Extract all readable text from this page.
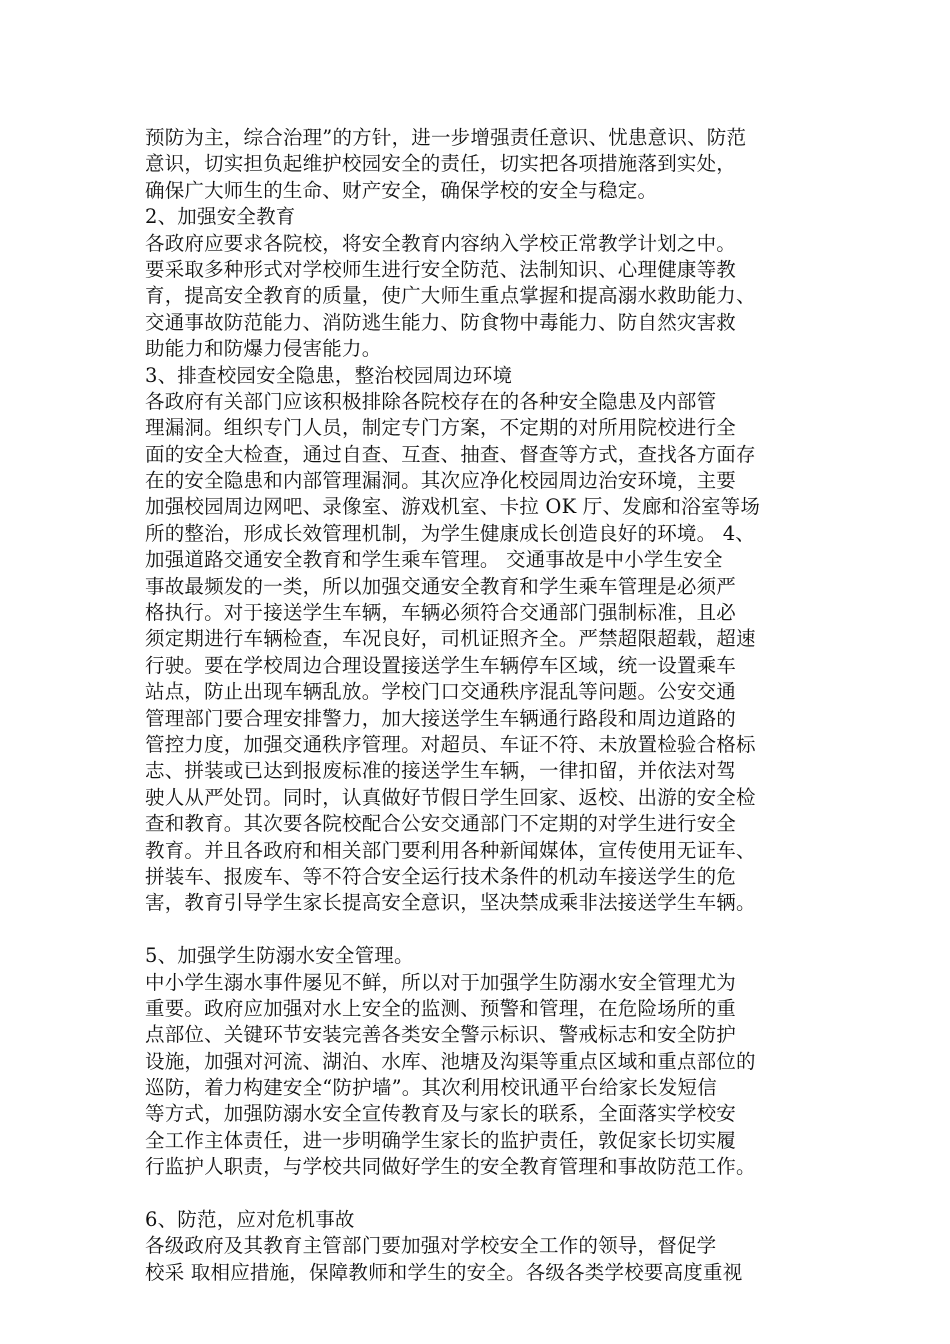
预防为主，综合治理”的方针，进一步增强责任意识、忧患意识、防范
意识，切实担负起维护校园安全的责任，切实把各项措施落到实处，
确保广大师生的生命、财产安全，确保学校的安全与稳定。
2、加强安全教育
各政府应要求各院校，将安全教育内容纳入学校正常教学计划之中。
要采取多种形式对学校师生进行安全防范、法制知识、心理健康等教
育，提高安全教育的质量，使广大师生重点掌握和提高溺水救助能力、
交通事故防范能力、消防逃生能力、防食物中毒能力、防自然灾害救
助能力和防爆力侵害能力。
3、排查校园安全隐患，整治校园周边环境
各政府有关部门应该积极排除各院校存在的各种安全隐患及内部管
理漏洞。组织专门人员，制定专门方案，不定期的对所用院校进行全
面的安全大检查，通过自查、互查、抽查、督查等方式，查找各方面存
在的安全隐患和内部管理漏洞。其次应净化校园周边治安环境，主要
加强校园周边网吧、录像室、游戏机室、卡拉 OK 厅、发廊和浴室等场
所的整治，形成长效管理机制，为学生健康成长创造良好的环境。 4、
加强道路交通安全教育和学生乘车管理。 交通事故是中小学生安全
事故最频发的一类，所以加强交通安全教育和学生乘车管理是必须严
格执行。对于接送学生车辆，车辆必须符合交通部门强制标准，且必
须定期进行车辆检查，车况良好，司机证照齐全。严禁超限超载，超速
行驶。要在学校周边合理设置接送学生车辆停车区域，统一设置乘车
站点，防止出现车辆乱放。学校门口交通秩序混乱等问题。公安交通
管理部门要合理安排警力，加大接送学生车辆通行路段和周边道路的
管控力度，加强交通秩序管理。对超员、车证不符、未放置检验合格标
志、拼装或已达到报废标准的接送学生车辆，一律扣留，并依法对驾
驶人从严处罚。同时，认真做好节假日学生回家、返校、出游的安全检
查和教育。其次要各院校配合公安交通部门不定期的对学生进行安全
教育。并且各政府和相关部门要利用各种新闻媒体，宣传使用无证车、
拼装车、报废车、等不符合安全运行技术条件的机动车接送学生的危
害，教育引导学生家长提高安全意识，坚决禁成乘非法接送学生车辆。
5、加强学生防溺水安全管理。
中小学生溺水事件屡见不鲜，所以对于加强学生防溺水安全管理尤为
重要。政府应加强对水上安全的监测、预警和管理，在危险场所的重
点部位、关键环节安装完善各类安全警示标识、警戒标志和安全防护
设施，加强对河流、湖泊、水库、池塘及沟渠等重点区域和重点部位的
巡防，着力构建安全“防护墙”。其次利用校讯通平台给家长发短信
等方式，加强防溺水安全宣传教育及与家长的联系，全面落实学校安
全工作主体责任，进一步明确学生家长的监护责任，敦促家长切实履
行监护人职责，与学校共同做好学生的安全教育管理和事故防范工作。
6、防范，应对危机事故
各级政府及其教育主管部门要加强对学校安全工作的领导，督促学
校采 取相应措施，保障教师和学生的安全。各级各类学校要高度重视
